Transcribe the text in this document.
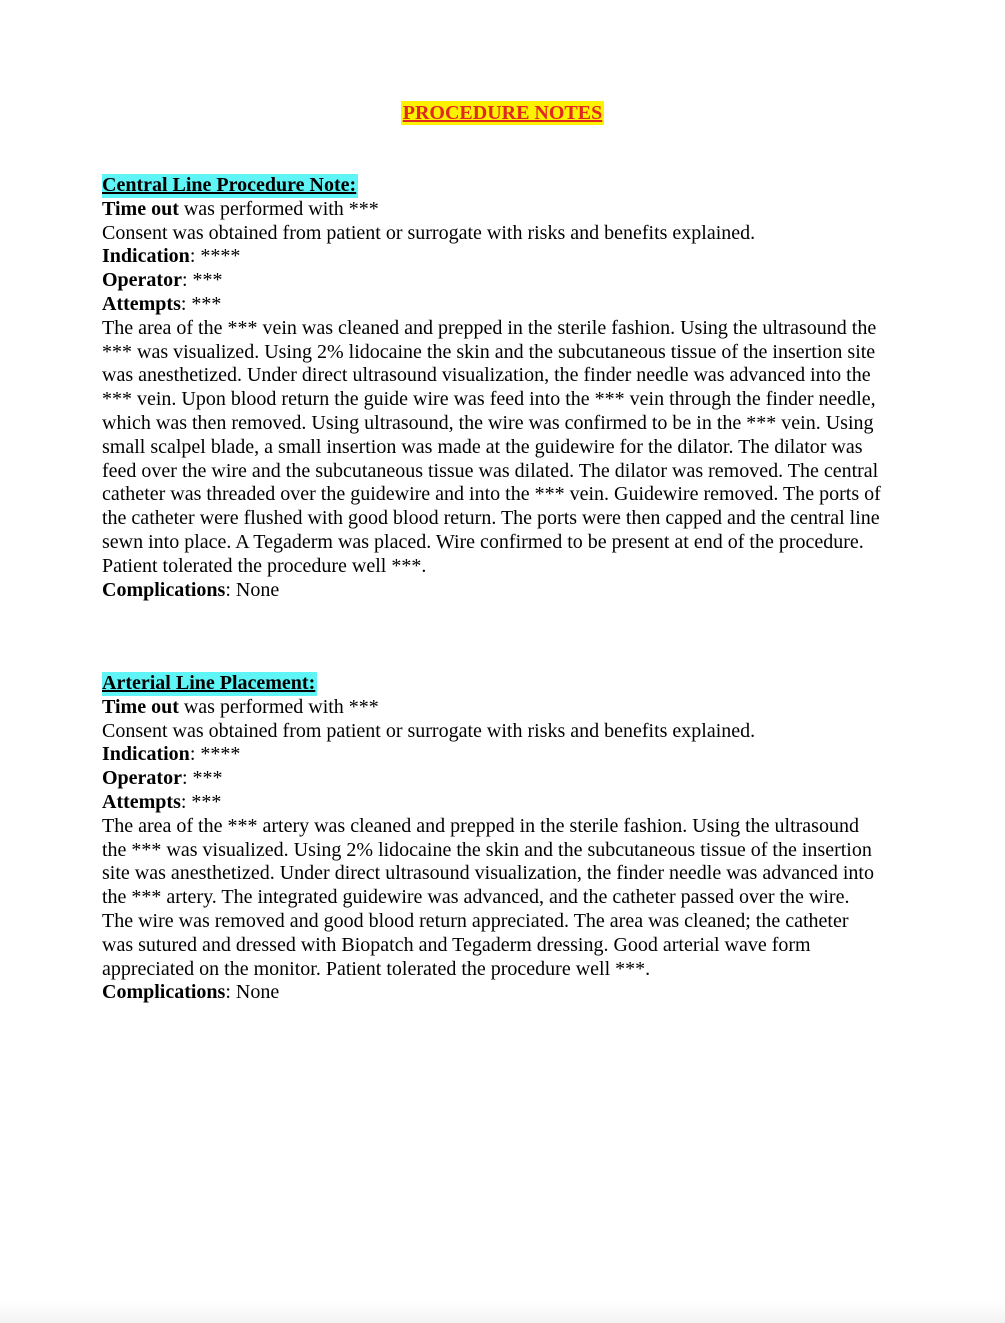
PROCEDURE NOTES
Central Line Procedure Note:
Time out was performed with ***
Consent was obtained from patient or surrogate with risks and benefits explained.
Indication: ****
Operator: ***
Attempts: ***
The area of the *** vein was cleaned and prepped in the sterile fashion. Using the ultrasound the
*** was visualized. Using 2% lidocaine the skin and the subcutaneous tissue of the insertion site
was anesthetized. Under direct ultrasound visualization, the finder needle was advanced into the
*** vein. Upon blood return the guide wire was feed into the *** vein through the finder needle,
which was then removed. Using ultrasound, the wire was confirmed to be in the *** vein. Using
small scalpel blade, a small insertion was made at the guidewire for the dilator. The dilator was
feed over the wire and the subcutaneous tissue was dilated. The dilator was removed. The central
catheter was threaded over the guidewire and into the *** vein. Guidewire removed. The ports of
the catheter were flushed with good blood return. The ports were then capped and the central line
sewn into place. A Tegaderm was placed. Wire confirmed to be present at end of the procedure.
Patient tolerated the procedure well ***.
Complications: None
Arterial Line Placement:
Time out was performed with ***
Consent was obtained from patient or surrogate with risks and benefits explained.
Indication: ****
Operator: ***
Attempts: ***
The area of the *** artery was cleaned and prepped in the sterile fashion. Using the ultrasound
the *** was visualized. Using 2% lidocaine the skin and the subcutaneous tissue of the insertion
site was anesthetized. Under direct ultrasound visualization, the finder needle was advanced into
the *** artery. The integrated guidewire was advanced, and the catheter passed over the wire.
The wire was removed and good blood return appreciated. The area was cleaned; the catheter
was sutured and dressed with Biopatch and Tegaderm dressing. Good arterial wave form
appreciated on the monitor. Patient tolerated the procedure well ***.
Complications: None
